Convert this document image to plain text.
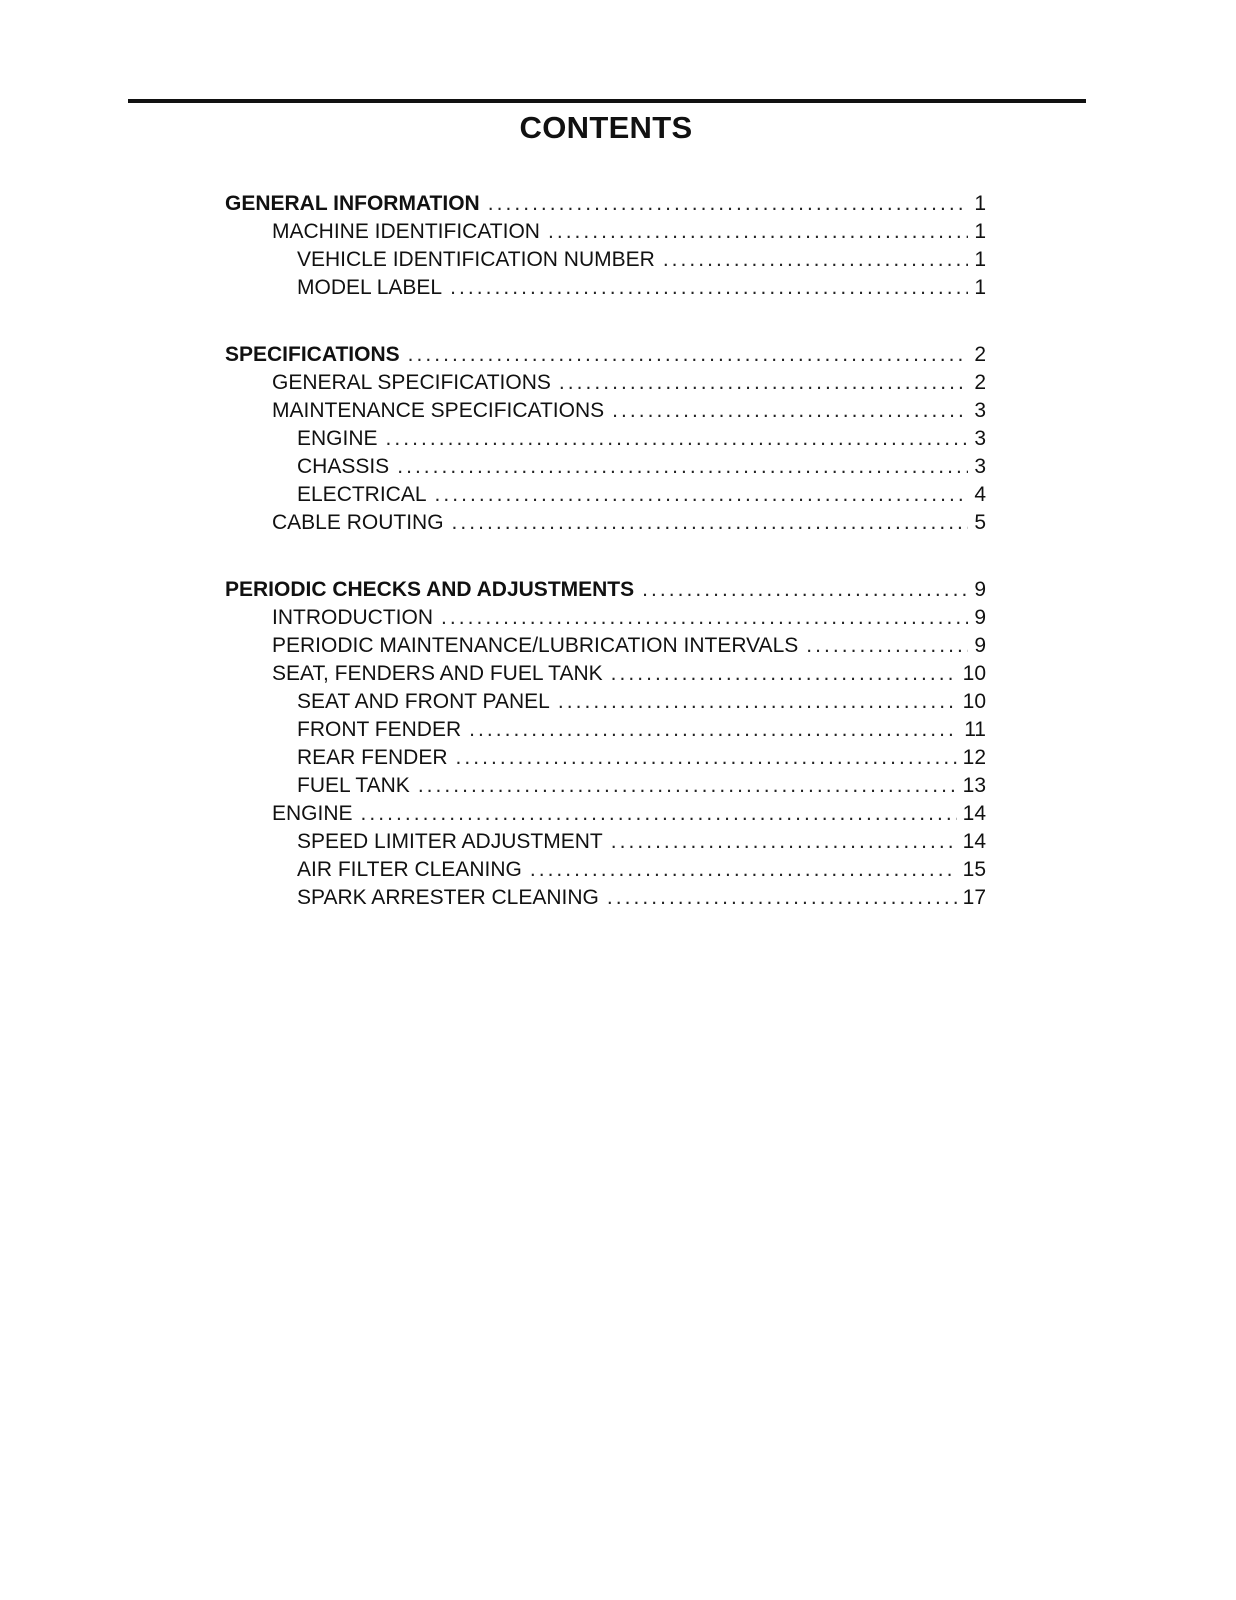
CONTENTS
GENERAL INFORMATION . . .	1
MACHINE IDENTIFICATION . . .	1
VEHICLE IDENTIFICATION NUMBER . . .	1
MODEL LABEL . . .	1
SPECIFICATIONS . . .	2
GENERAL SPECIFICATIONS . . .	2
MAINTENANCE SPECIFICATIONS . . .	3
ENGINE . . .	3
CHASSIS . . .	3
ELECTRICAL . . .	4
CABLE ROUTING . . .	5
PERIODIC CHECKS AND ADJUSTMENTS . . .	9
INTRODUCTION . . .	9
PERIODIC MAINTENANCE/LUBRICATION INTERVALS . . .	9
SEAT, FENDERS AND FUEL TANK . . .	10
SEAT AND FRONT PANEL . . .	10
FRONT FENDER . . .	11
REAR FENDER . . .	12
FUEL TANK . . .	13
ENGINE . . .	14
SPEED LIMITER ADJUSTMENT . . .	14
AIR FILTER CLEANING . . .	15
SPARK ARRESTER CLEANING . . .	17
